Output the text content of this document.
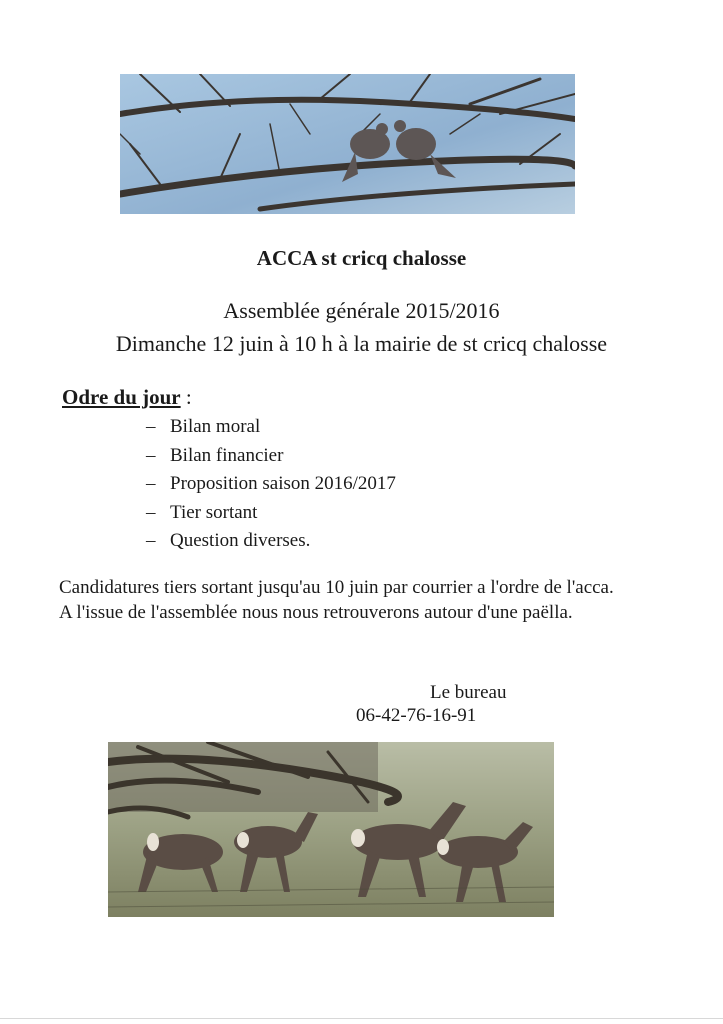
ACCA st cricq chalosse
Assemblée générale 2015/2016
Dimanche 12 juin à 10 h à la mairie de st cricq chalosse
Odre du jour :
– Bilan moral
– Bilan financier
– Proposition saison 2016/2017
– Tier sortant
– Question diverses.

Candidatures tiers sortant jusqu'au 10 juin par courrier a l'ordre de l'acca.

A l'issue de l'assemblée nous nous retrouverons autour d'une paëlla.

Le bureau
06-42-76-16-91
